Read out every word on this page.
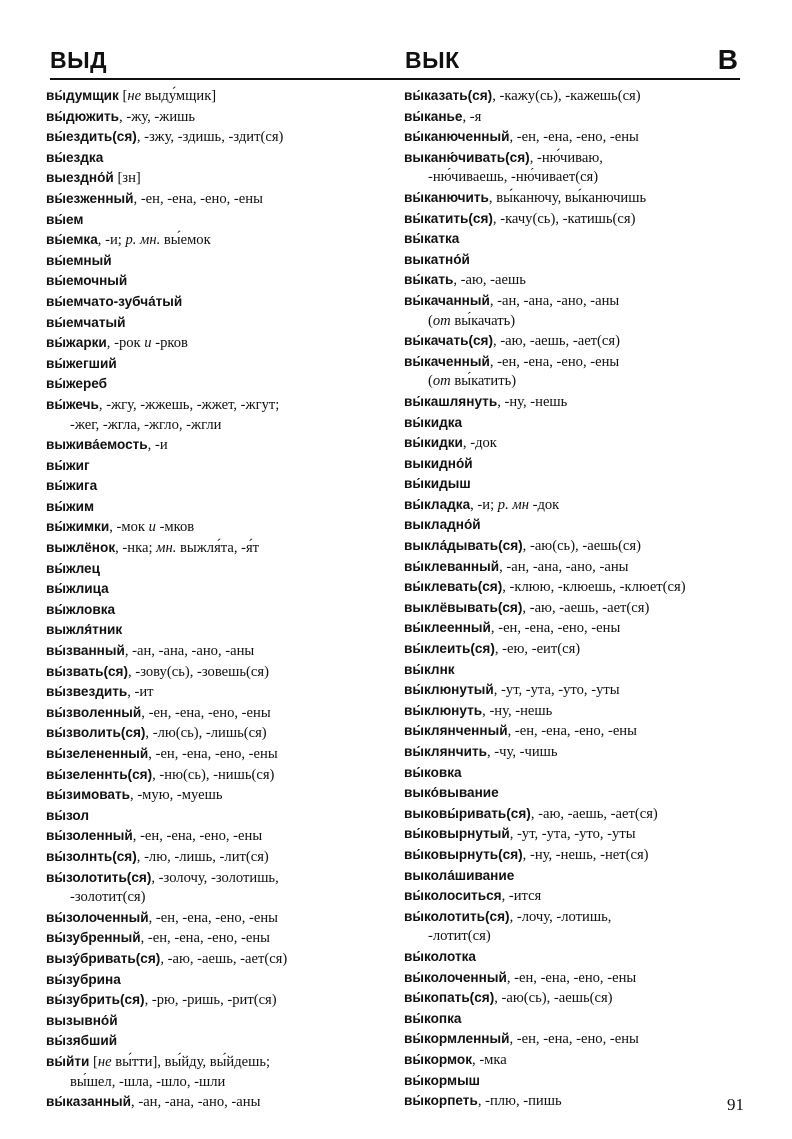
ВЫД	ВЫК	В
вы́думщик [не выду́мщик]
вы́дюжить, -жу, -жишь
вы́ездить(ся), -зжу, -здишь, -здит(ся)
вы́ездка
выездно́й [зн]
вы́езженный, -ен, -ена, -ено, -ены
вы́ем
вы́емка, -и; р. мн. вы́емок
вы́емный
вы́емочный
вы́емчато-зубча́тый
вы́емчатый
вы́жарки, -рок и -рков
вы́жегший
вы́жереб
вы́жечь, -жгу, -жжешь, -жжет, -жгут;
-жег, -жгла, -жгло, -жгли
выжива́емость, -и
вы́жиг
вы́жига
вы́жим
вы́жимки, -мок и -мков
выжлёнок, -нка; мн. выжля́та, -я́т
вы́жлец
вы́жлица
вы́жловка
выжля́тник
вы́званный, -ан, -ана, -ано, -аны
вы́звать(ся), -зову(сь), -зовешь(ся)
вы́звездить, -ит
вы́зволенный, -ен, -ена, -ено, -ены
вы́зволить(ся), -лю(сь), -лишь(ся)
вы́зелененный, -ен, -ена, -ено, -ены
вы́зеленнть(ся), -ню(сь), -нишь(ся)
вы́зимовать, -мую, -муешь
вы́зол
вы́золенный, -ен, -ена, -ено, -ены
вы́золнть(ся), -лю, -лишь, -лит(ся)
вы́золотить(ся), -золочу, -золотишь,
-золотит(ся)
вы́золоченный, -ен, -ена, -ено, -ены
вы́зубренный, -ен, -ена, -ено, -ены
вызу́бривать(ся), -аю, -аешь, -ает(ся)
вы́зубрина
вы́зубрить(ся), -рю, -ришь, -рит(ся)
вызывно́й
вы́зябший
вы́йти [не вы́тти], вы́йду, вы́йдешь;
вы́шел, -шла, -шло, -шли
вы́казанный, -ан, -ана, -ано, -аны
вы́казать(ся), -кажу(сь), -кажешь(ся)
вы́канье, -я
вы́канюченный, -ен, -ена, -ено, -ены
выканю́чивать(ся), -ню́чиваю,
-ню́чиваешь, -ню́чивает(ся)
вы́канючить, вы́канючу, вы́канючишь
вы́катить(ся), -качу(сь), -катишь(ся)
вы́катка
выкатно́й
вы́кать, -аю, -аешь
вы́качанный, -ан, -ана, -ано, -аны
(от вы́качать)
вы́качать(ся), -аю, -аешь, -ает(ся)
вы́каченный, -ен, -ена, -ено, -ены
(от вы́катить)
вы́кашлянуть, -ну, -нешь
вы́кидка
вы́кидки, -док
выкидно́й
вы́кидыш
вы́кладка, -и; р. мн -док
выкладно́й
выкла́дывать(ся), -аю(сь), -аешь(ся)
вы́клеванный, -ан, -ана, -ано, -аны
вы́клевать(ся), -клюю, -клюешь, -клюет(ся)
выклёвывать(ся), -аю, -аешь, -ает(ся)
вы́клеенный, -ен, -ена, -ено, -ены
вы́клеить(ся), -ею, -еит(ся)
вы́клнк
вы́клюнутый, -ут, -ута, -уто, -уты
вы́клюнуть, -ну, -нешь
вы́клянченный, -ен, -ена, -ено, -ены
вы́клянчить, -чу, -чишь
вы́ковка
выко́вывание
выковы́ривать(ся), -аю, -аешь, -ает(ся)
вы́ковырнутый, -ут, -ута, -уто, -уты
вы́ковырнуть(ся), -ну, -нешь, -нет(ся)
выкола́шивание
вы́колоситься, -ится
вы́колотить(ся), -лочу, -лотишь,
-лотит(ся)
вы́колотка
вы́колоченный, -ен, -ена, -ено, -ены
вы́копать(ся), -аю(сь), -аешь(ся)
вы́копка
вы́кормленный, -ен, -ена, -ено, -ены
вы́кормок, -мка
вы́кормыш
вы́корпеть, -плю, -пишь	91
